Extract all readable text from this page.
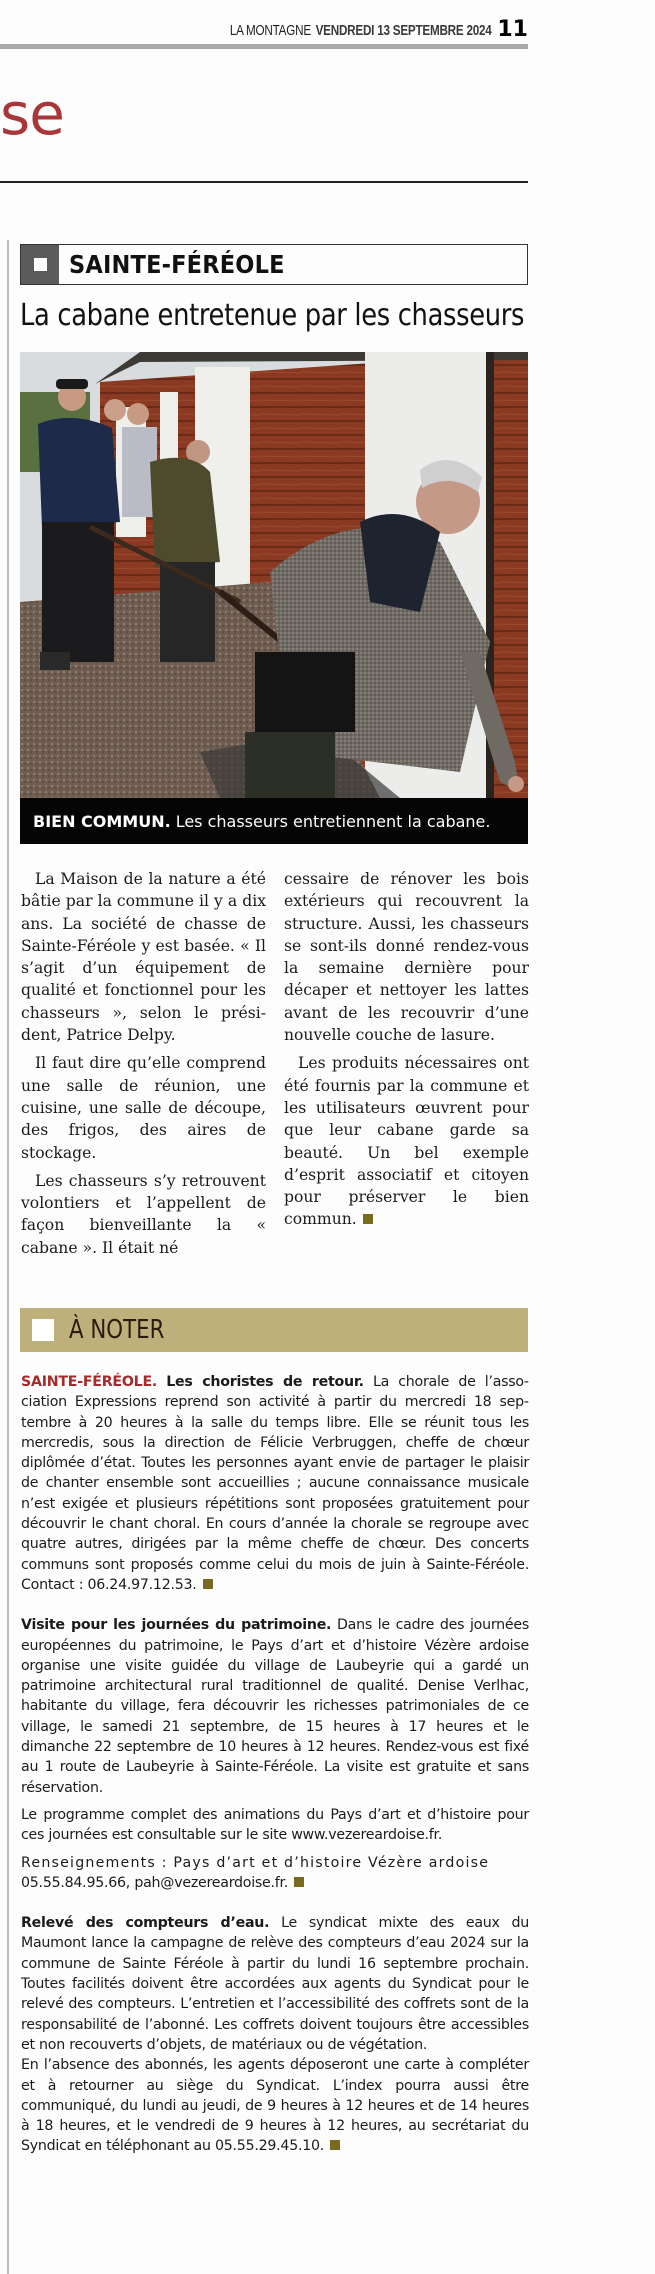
LA MONTAGNE VENDREDI 13 SEPTEMBRE 2024 11
se
SAINTE-FÉRÉOLE
La cabane entretenue par les chasseurs
BIEN COMMUN. Les chasseurs entretiennent la cabane.

La Maison de la nature a été bâtie par la commune il y a dix ans. La société de chasse de Sainte-Féréole y est basée. « Il s’agit d’un équipement de qualité et fonctionnel pour les chasseurs », selon le président, Patrice Delpy.

Il faut dire qu’elle comprend une salle de réunion, une cuisine, une salle de découpe, des frigos, des aires de stockage.

Les chasseurs s’y retrouvent volontiers et l’appellent de façon bienveillante la « cabane ». Il était né

cessaire de rénover les bois extérieurs qui recouvrent la structure. Aussi, les chasseurs se sont-ils donné rendez-vous la semaine dernière pour décaper et nettoyer les lattes avant de les recouvrir d’une nouvelle couche de lasure.

Les produits nécessaires ont été fournis par la commune et les utilisateurs œuvrent pour que leur cabane garde sa beauté. Un bel exemple d’esprit associatif et citoyen pour préserver le bien commun.

À NOTER

SAINTE-FÉRÉOLE. Les choristes de retour. La chorale de l’association Expressions reprend son activité à partir du mercredi 18 septembre à 20 heures à la salle du temps libre. Elle se réunit tous les mercredis, sous la direction de Félicie Verbruggen, cheffe de chœur diplômée d’état. Toutes les personnes ayant envie de partager le plaisir de chanter ensemble sont accueillies ; aucune connaissance musicale n’est exigée et plusieurs répétitions sont proposées gratuitement pour découvrir le chant choral. En cours d’année la chorale se regroupe avec quatre autres, dirigées par la même cheffe de chœur. Des concerts communs sont proposés comme celui du mois de juin à Sainte-Féréole. Contact : 06.24.97.12.53.

Visite pour les journées du patrimoine. Dans le cadre des journées européennes du patrimoine, le Pays d’art et d’histoire Vézère ardoise organise une visite guidée du village de Laubeyrie qui a gardé un patrimoine architectural rural traditionnel de qualité. Denise Verlhac, habitante du village, fera découvrir les richesses patrimoniales de ce village, le samedi 21 septembre, de 15 heures à 17 heures et le dimanche 22 septembre de 10 heures à 12 heures. Rendez-vous est fixé au 1 route de Laubeyrie à Sainte-Féréole. La visite est gratuite et sans réservation.

Le programme complet des animations du Pays d’art et d’histoire pour ces journées est consultable sur le site www.vezereardoise.fr.

Renseignements : Pays d’art et d’histoire Vézère ardoise
05.55.84.95.66, pah@vezereardoise.fr.

Relevé des compteurs d’eau. Le syndicat mixte des eaux du Maumont lance la campagne de relève des compteurs d’eau 2024 sur la commune de Sainte Féréole à partir du lundi 16 septembre prochain. Toutes facilités doivent être accordées aux agents du Syndicat pour le relevé des compteurs. L’entretien et l’accessibilité des coffrets sont de la responsabilité de l’abonné. Les coffrets doivent toujours être accessibles et non recouverts d’objets, de matériaux ou de végétation.

En l’absence des abonnés, les agents déposeront une carte à compléter et à retourner au siège du Syndicat. L’index pourra aussi être communiqué, du lundi au jeudi, de 9 heures à 12 heures et de 14 heures à 18 heures, et le vendredi de 9 heures à 12 heures, au secrétariat du Syndicat en téléphonant au 05.55.29.45.10.
